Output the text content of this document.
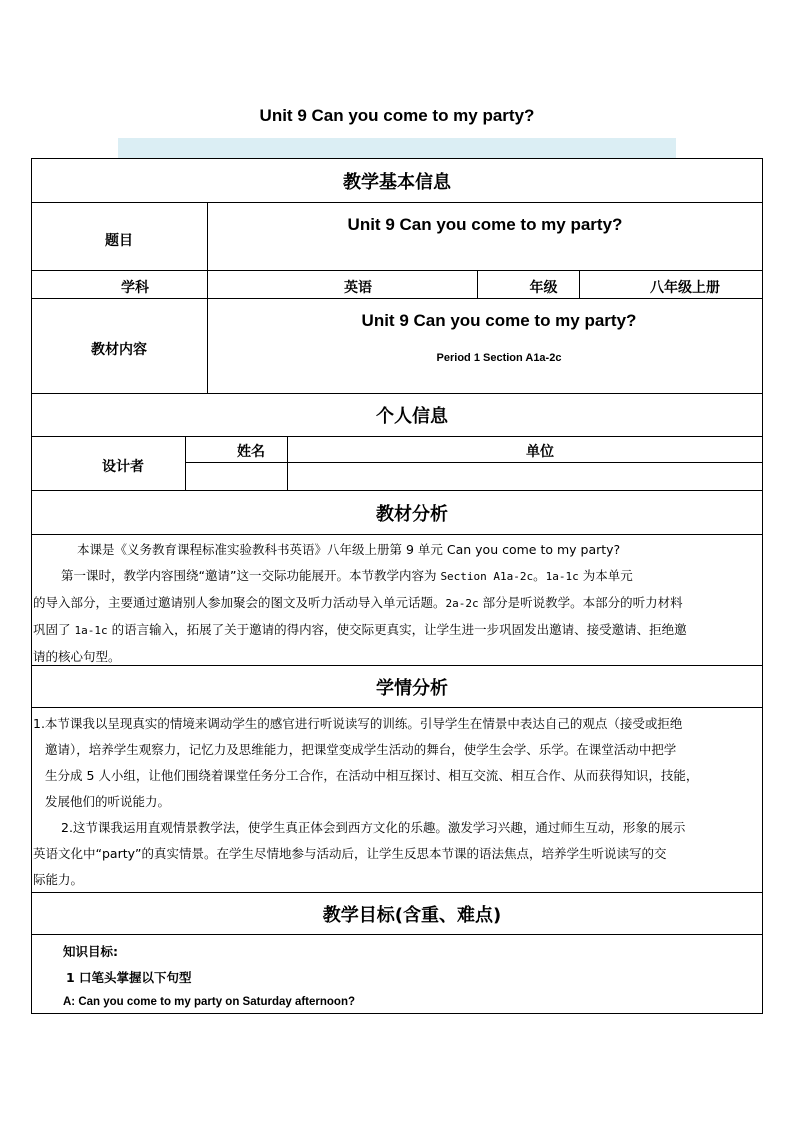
Unit 9 Can you come to my party?
教学基本信息
题目
Unit 9 Can you come to my party?
学科	英语	年级	八年级上册
教材内容
Unit 9 Can you come to my party?
Period 1 Section A1a-2c
个人信息
设计者
姓名	单位
教材分析

本课是《义务教育课程标准实验教科书英语》八年级上册第 9 单元 Can you come to my party?

第一课时，教学内容围绕“邀请”这一交际功能展开。本节教学内容为 Section A1a-2c。1a-1c 为本单元

的导入部分，主要通过邀请别人参加聚会的图文及听力活动导入单元话题。2a-2c 部分是听说教学。本部分的听力材料

巩固了 1a-1c 的语言输入，拓展了关于邀请的得内容，使交际更真实，让学生进一步巩固发出邀请、接受邀请、拒绝邀

请的核心句型。

学情分析

1.本节课我以呈现真实的情境来调动学生的感官进行听说读写的训练。引导学生在情景中表达自己的观点（接受或拒绝

邀请），培养学生观察力，记忆力及思维能力，把课堂变成学生活动的舞台，使学生会学、乐学。在课堂活动中把学

生分成 5 人小组，让他们围绕着课堂任务分工合作，在活动中相互探讨、相互交流、相互合作、从而获得知识，技能，

发展他们的听说能力。

2.这节课我运用直观情景教学法，使学生真正体会到西方文化的乐趣。激发学习兴趣，通过师生互动，形象的展示

英语文化中“party”的真实情景。在学生尽情地参与活动后，让学生反思本节课的语法焦点，培养学生听说读写的交

际能力。

教学目标(含重、难点)
知识目标:
1 口笔头掌握以下句型
A: Can you come to my party on Saturday afternoon?
